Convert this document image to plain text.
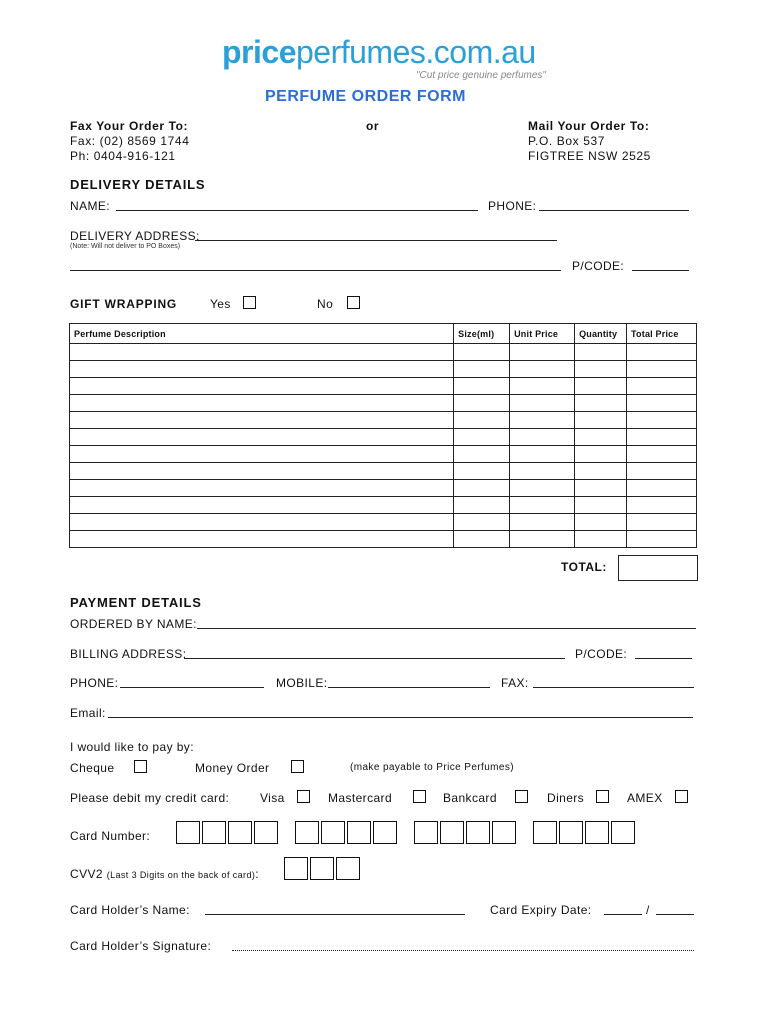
priceperfumes.com.au
"Cut price genuine perfumes"
PERFUME ORDER FORM
Fax Your Order To:
Fax: (02) 8569 1744
Ph: 0404-916-121
or	Mail Your Order To:
P.O. Box 537
FIGTREE NSW 2525
DELIVERY DETAILS
NAME:	PHONE:
DELIVERY ADDRESS:
(Note: Will not deliver to PO Boxes)
P/CODE:
GIFT WRAPPING	Yes	No
Perfume Description	Size(ml)	Unit Price	Quantity	Total Price

TOTAL:
PAYMENT DETAILS
ORDERED BY NAME:
BILLING ADDRESS:	P/CODE:
PHONE:	MOBILE:	FAX:
Email:
I would like to pay by:
Cheque	Money Order	(make payable to Price Perfumes)
Please debit my credit card:	Visa	Mastercard	Bankcard	Diners	AMEX
Card Number:
CVV2 (Last 3 Digits on the back of card):
Card Holder’s Name:	Card Expiry Date:	/
Card Holder’s Signature:
